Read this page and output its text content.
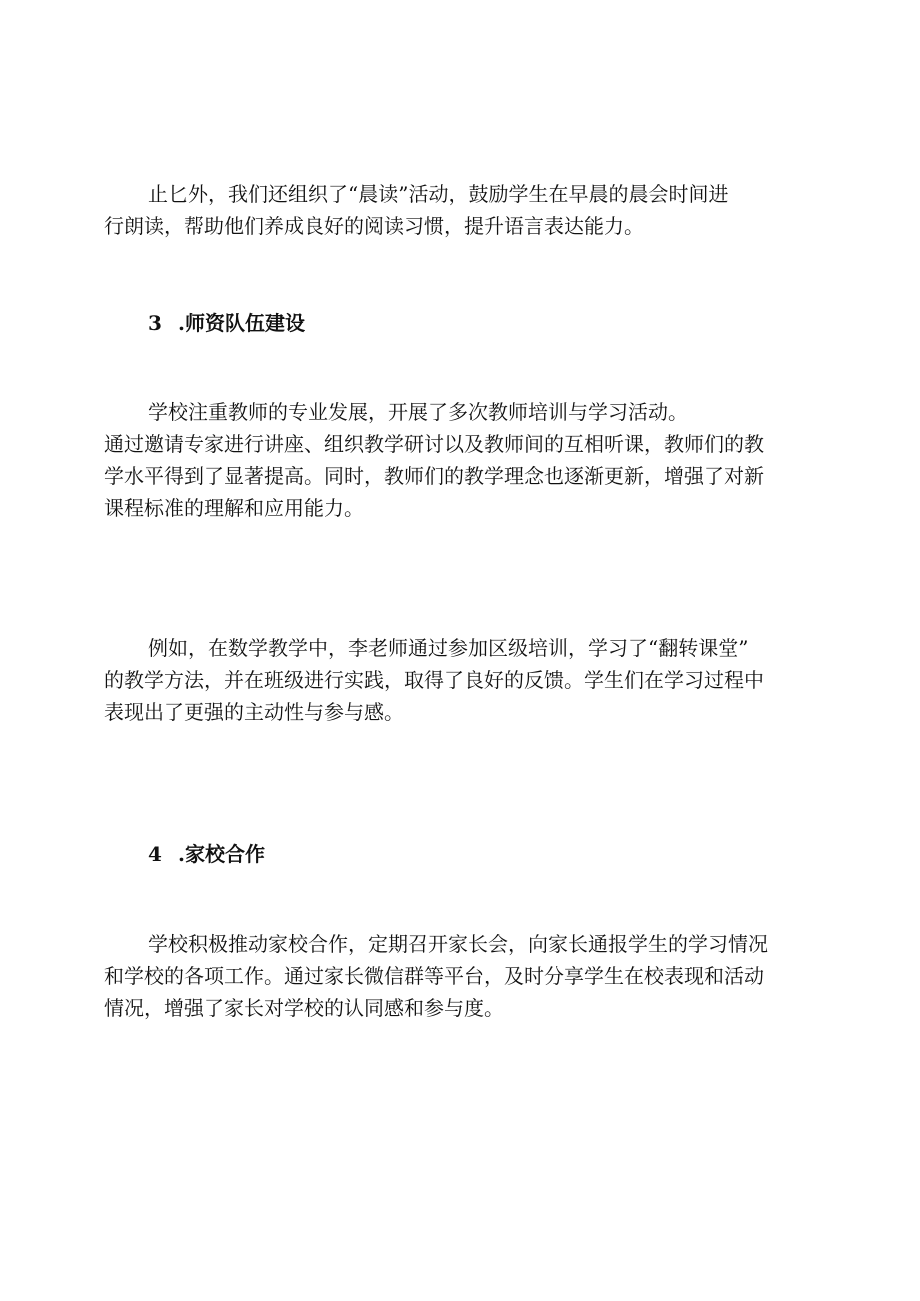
止匕外，我们还组织了“晨读”活动，鼓励学生在早晨的晨会时间进
行朗读，帮助他们养成良好的阅读习惯，提升语言表达能力。

3 .师资队伍建设

学校注重教师的专业发展，开展了多次教师培训与学习活动。
通过邀请专家进行讲座、组织教学研讨以及教师间的互相听课，教师们的教
学水平得到了显著提高。同时，教师们的教学理念也逐渐更新，增强了对新
课程标准的理解和应用能力。

例如，在数学教学中，李老师通过参加区级培训，学习了“翻转课堂”
的教学方法，并在班级进行实践，取得了良好的反馈。学生们在学习过程中
表现出了更强的主动性与参与感。

4 .家校合作

学校积极推动家校合作，定期召开家长会，向家长通报学生的学习情况
和学校的各项工作。通过家长微信群等平台，及时分享学生在校表现和活动
情况，增强了家长对学校的认同感和参与度。
